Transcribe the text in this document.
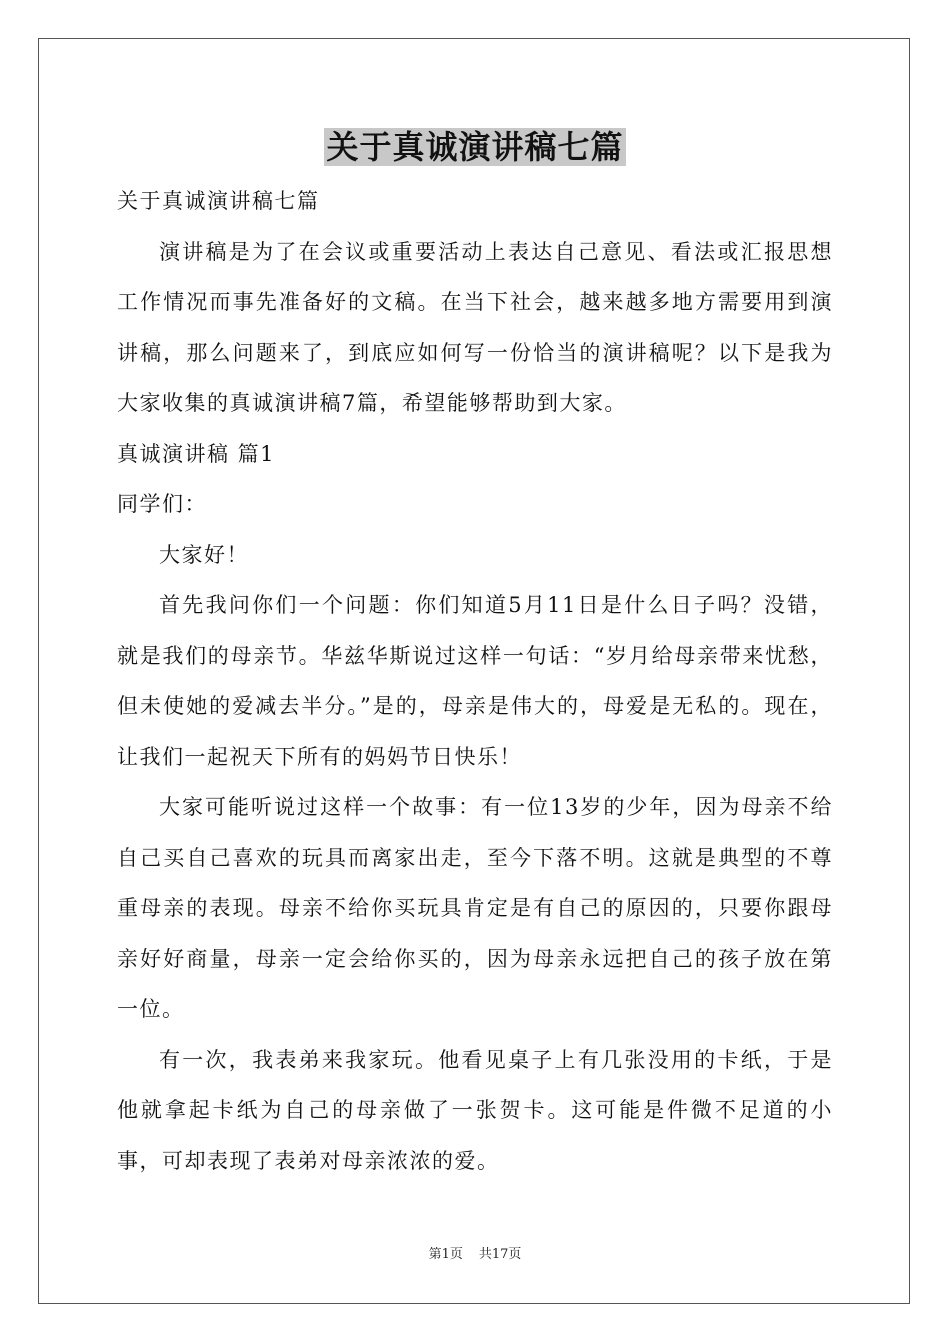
关于真诚演讲稿七篇

关于真诚演讲稿七篇

演讲稿是为了在会议或重要活动上表达自己意见、看法或汇报思想工作情况而事先准备好的文稿。在当下社会，越来越多地方需要用到演讲稿，那么问题来了，到底应如何写一份恰当的演讲稿呢？以下是我为大家收集的真诚演讲稿7篇，希望能够帮助到大家。

真诚演讲稿 篇1

同学们：

大家好！

首先我问你们一个问题：你们知道5月11日是什么日子吗？没错，就是我们的母亲节。华兹华斯说过这样一句话：“岁月给母亲带来忧愁，但未使她的爱减去半分。”是的，母亲是伟大的，母爱是无私的。现在，让我们一起祝天下所有的妈妈节日快乐！

大家可能听说过这样一个故事：有一位13岁的少年，因为母亲不给自己买自己喜欢的玩具而离家出走，至今下落不明。这就是典型的不尊重母亲的表现。母亲不给你买玩具肯定是有自己的原因的，只要你跟母亲好好商量，母亲一定会给你买的，因为母亲永远把自己的孩子放在第一位。

有一次，我表弟来我家玩。他看见桌子上有几张没用的卡纸，于是他就拿起卡纸为自己的母亲做了一张贺卡。这可能是件微不足道的小事，可却表现了表弟对母亲浓浓的爱。

第1页 共17页
